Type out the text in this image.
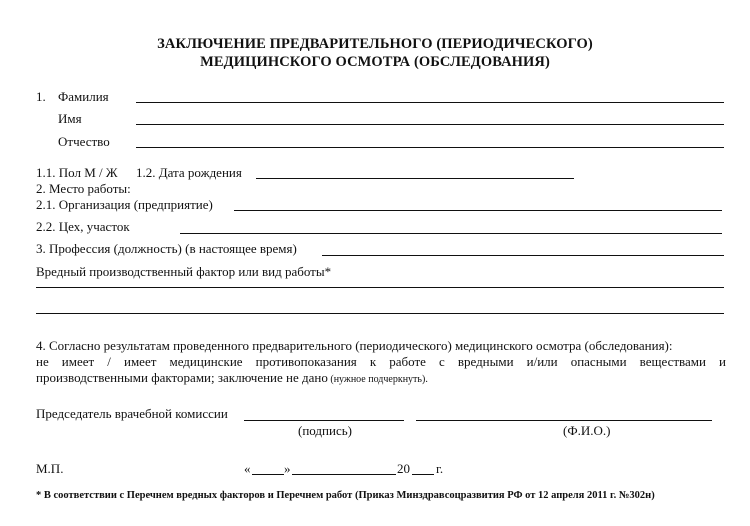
ЗАКЛЮЧЕНИЕ ПРЕДВАРИТЕЛЬНОГО (ПЕРИОДИЧЕСКОГО)
МЕДИЦИНСКОГО ОСМОТРА (ОБСЛЕДОВАНИЯ)
1. Фамилия
Имя
Отчество
1.1. Пол М / Ж 1.2. Дата рождения
2. Место работы:
2.1. Организация (предприятие)
2.2. Цех, участок
3. Профессия (должность) (в настоящее время)
Вредный производственный фактор или вид работы*
4. Согласно результатам проведенного предварительного (периодического) медицинского осмотра (обследования):
не имеет / имеет медицинские противопоказания к работе с вредными и/или опасными веществами и
производственными факторами; заключение не дано (нужное подчеркнуть).
Председатель врачебной комиссии
(подпись)	(Ф.И.О.)
М.П.	«	»	20 г.
* В соответствии с Перечнем вредных факторов и Перечнем работ (Приказ Минздравсоцразвития РФ от 12 апреля 2011 г. №302н)
